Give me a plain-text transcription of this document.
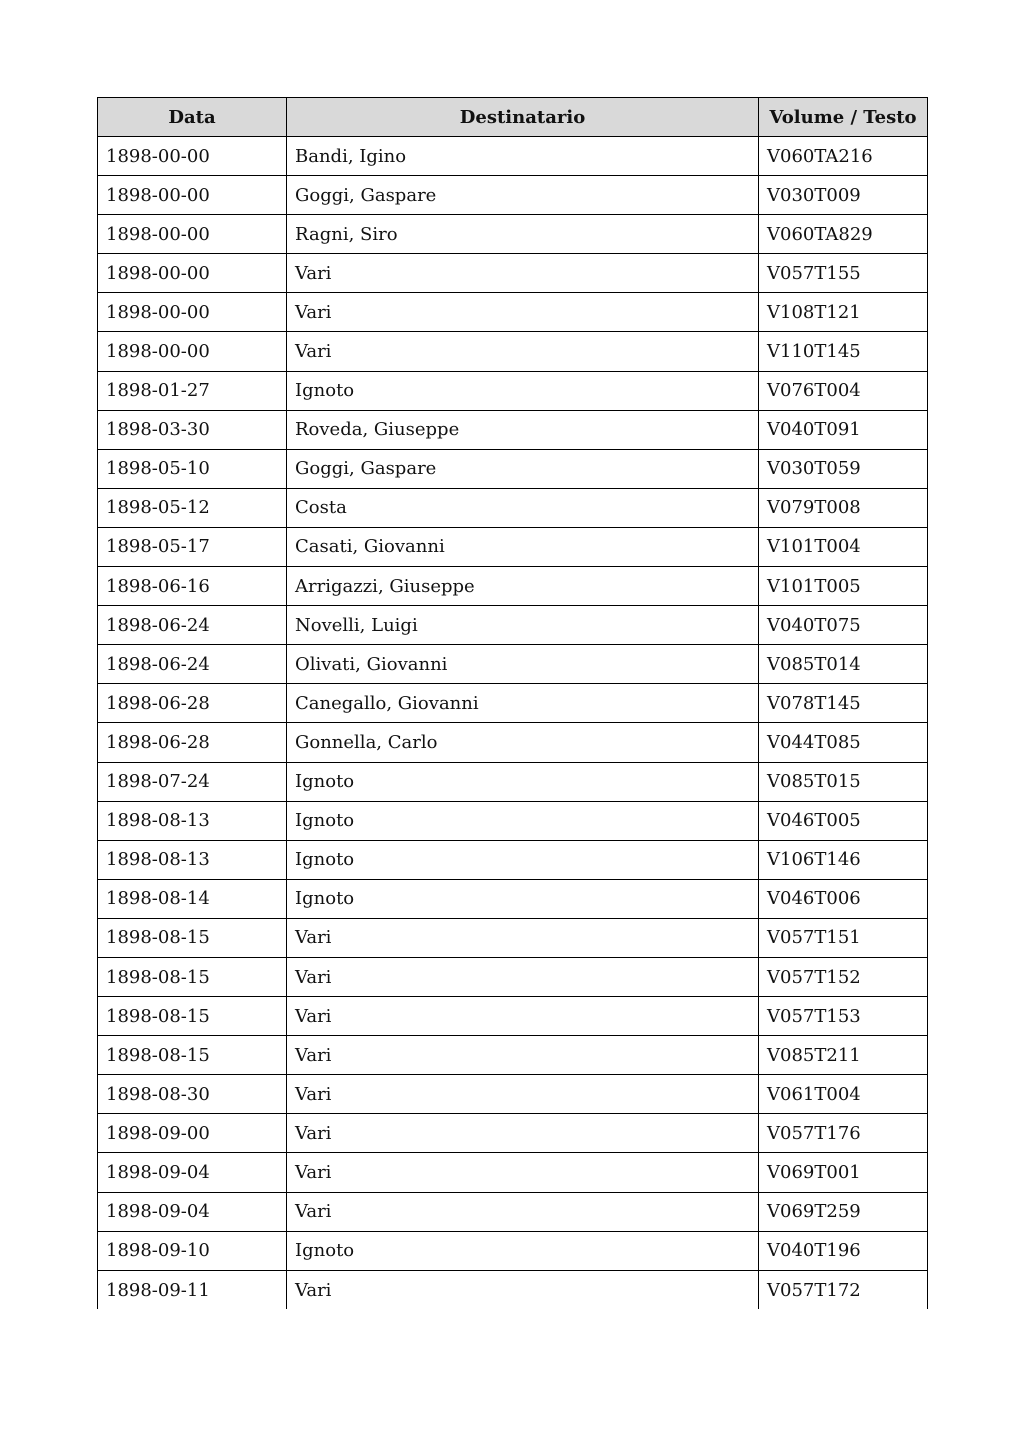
Data	Destinatario	Volume / Testo
1898-00-00	Bandi, Igino	V060TA216
1898-00-00	Goggi, Gaspare	V030T009
1898-00-00	Ragni, Siro	V060TA829
1898-00-00	Vari	V057T155
1898-00-00	Vari	V108T121
1898-00-00	Vari	V110T145
1898-01-27	Ignoto	V076T004
1898-03-30	Roveda, Giuseppe	V040T091
1898-05-10	Goggi, Gaspare	V030T059
1898-05-12	Costa	V079T008
1898-05-17	Casati, Giovanni	V101T004
1898-06-16	Arrigazzi, Giuseppe	V101T005
1898-06-24	Novelli, Luigi	V040T075
1898-06-24	Olivati, Giovanni	V085T014
1898-06-28	Canegallo, Giovanni	V078T145
1898-06-28	Gonnella, Carlo	V044T085
1898-07-24	Ignoto	V085T015
1898-08-13	Ignoto	V046T005
1898-08-13	Ignoto	V106T146
1898-08-14	Ignoto	V046T006
1898-08-15	Vari	V057T151
1898-08-15	Vari	V057T152
1898-08-15	Vari	V057T153
1898-08-15	Vari	V085T211
1898-08-30	Vari	V061T004
1898-09-00	Vari	V057T176
1898-09-04	Vari	V069T001
1898-09-04	Vari	V069T259
1898-09-10	Ignoto	V040T196
1898-09-11	Vari	V057T172
